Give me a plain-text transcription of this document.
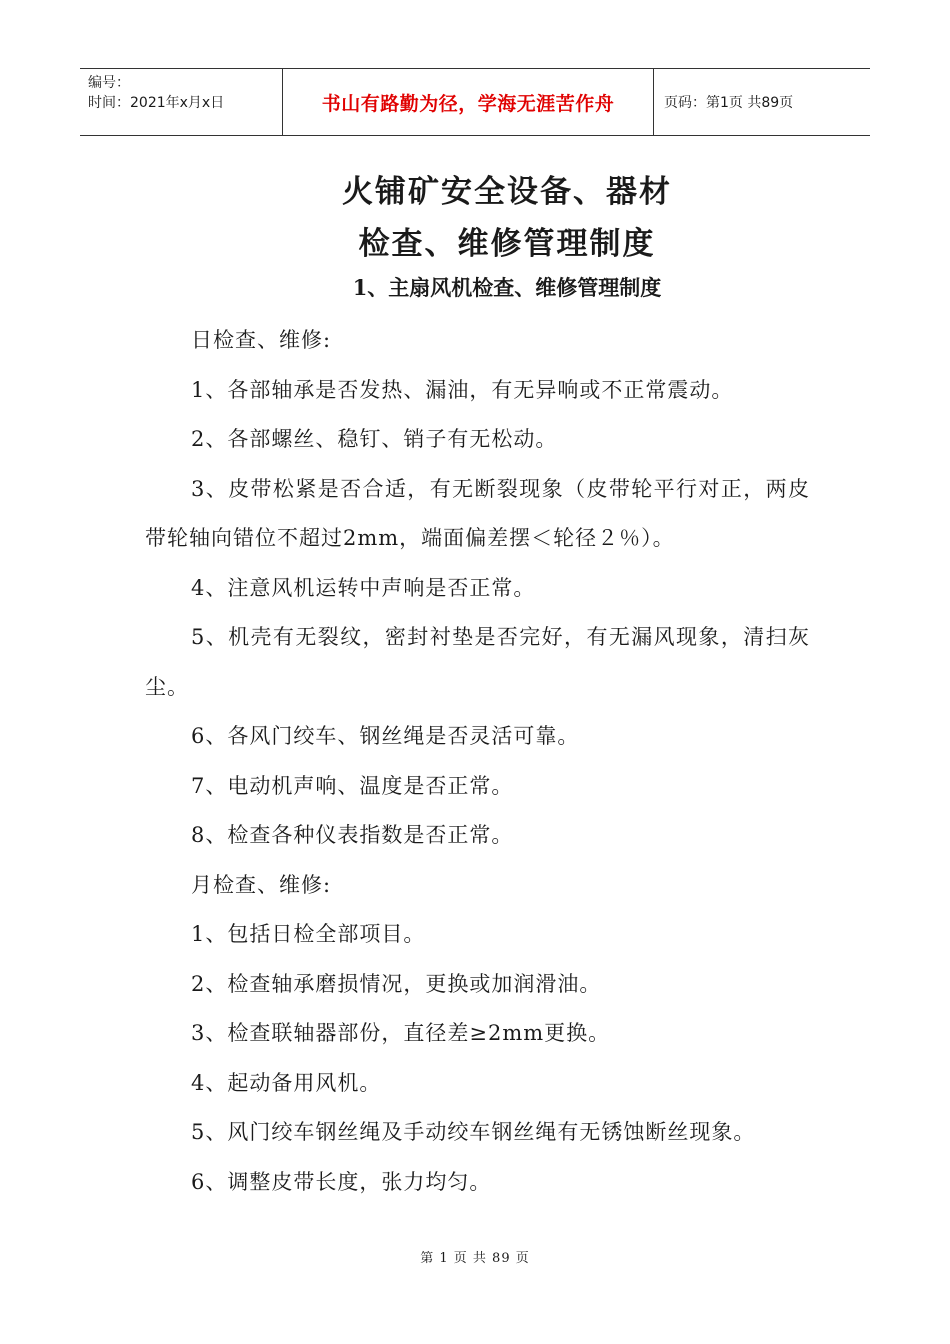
编号：
时间：2021年x月x日	书山有路勤为径，学海无涯苦作舟	页码：第1页 共89页
火铺矿安全设备、器材
检查、维修管理制度
1、主扇风机检查、维修管理制度

日检查、维修:

1、各部轴承是否发热、漏油，有无异响或不正常震动。

2、各部螺丝、稳钉、销子有无松动。

3、皮带松紧是否合适，有无断裂现象（皮带轮平行对正，两皮带轮轴向错位不超过2mm，端面偏差摆＜轮径２％）。

4、注意风机运转中声响是否正常。

5、机壳有无裂纹，密封衬垫是否完好，有无漏风现象，清扫灰尘。

6、各风门绞车、钢丝绳是否灵活可靠。

7、电动机声响、温度是否正常。

8、检查各种仪表指数是否正常。

月检查、维修:

1、包括日检全部项目。

2、检查轴承磨损情况，更换或加润滑油。

3、检查联轴器部份，直径差≥2mm更换。

4、起动备用风机。

5、风门绞车钢丝绳及手动绞车钢丝绳有无锈蚀断丝现象。

6、调整皮带长度，张力均匀。

第 1 页 共 89 页
